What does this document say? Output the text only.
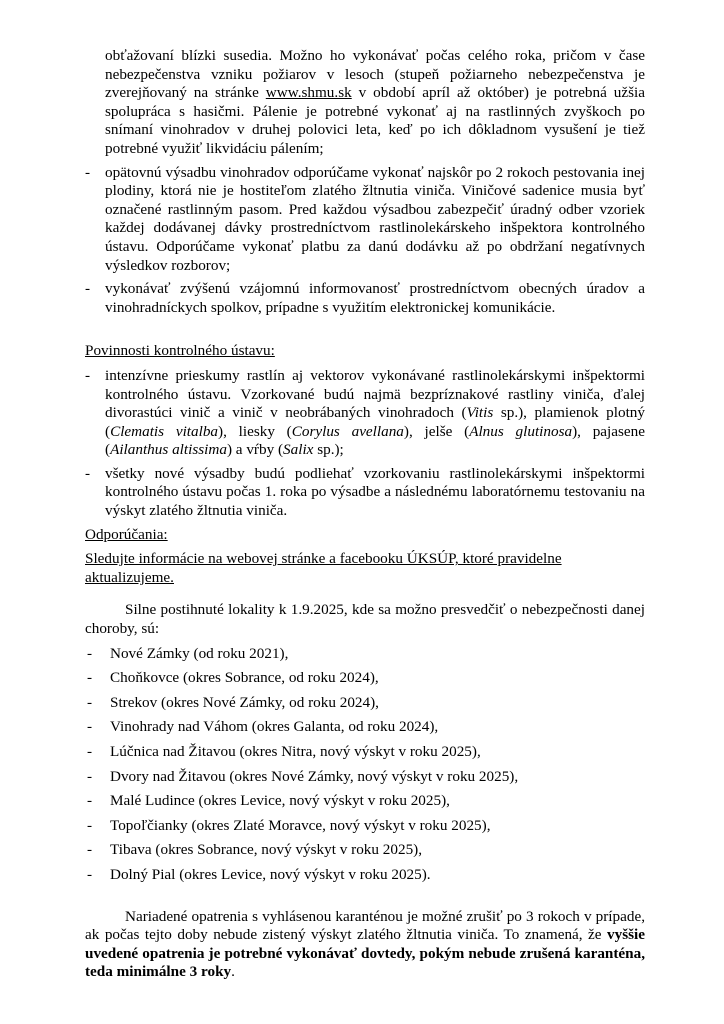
obťažovaní blízki susedia. Možno ho vykonávať počas celého roka, pričom v čase nebezpečenstva vzniku požiarov v lesoch (stupeň požiarneho nebezpečenstva je zverejňovaný na stránke www.shmu.sk v období apríl až október) je potrebná užšia spolupráca s hasičmi. Pálenie je potrebné vykonať aj na rastlinných zvyškoch po snímaní vinohradov v druhej polovici leta, keď po ich dôkladnom vysušení je tiež potrebné využiť likvidáciu pálením;

- opätovnú výsadbu vinohradov odporúčame vykonať najskôr po 2 rokoch pestovania inej plodiny, ktorá nie je hostiteľom zlatého žltnutia viniča. Viničové sadenice musia byť označené rastlinným pasom. Pred každou výsadbou zabezpečiť úradný odber vzoriek každej dodávanej dávky prostredníctvom rastlinolekárskeho inšpektora kontrolného ústavu. Odporúčame vykonať platbu za danú dodávku až po obdržaní negatívnych výsledkov rozborov;

- vykonávať zvýšenú vzájomnú informovanosť prostredníctvom obecných úradov a vinohradníckych spolkov, prípadne s využitím elektronickej komunikácie.

Povinnosti kontrolného ústavu:

- intenzívne prieskumy rastlín aj vektorov vykonávané rastlinolekárskymi inšpektormi kontrolného ústavu. Vzorkované budú najmä bezpríznakové rastliny viniča, ďalej divorastúci vinič a vinič v neobrábaných vinohradoch (Vitis sp.), plamienok plotný (Clematis vitalba), liesky (Corylus avellana), jelše (Alnus glutinosa), pajasene (Ailanthus altissima) a vŕby (Salix sp.);

- všetky nové výsadby budú podliehať vzorkovaniu rastlinolekárskymi inšpektormi kontrolného ústavu počas 1. roka po výsadbe a následnému laboratórnemu testovaniu na výskyt zlatého žltnutia viniča.

Odporúčania:

Sledujte informácie na webovej stránke a facebooku ÚKSÚP, ktoré pravidelne aktualizujeme.

Silne postihnuté lokality k 1.9.2025, kde sa možno presvedčiť o nebezpečnosti danej choroby, sú:

-	Nové Zámky (od roku 2021),

-	Choňkovce (okres Sobrance, od roku 2024),

-	Strekov (okres Nové Zámky, od roku 2024),

-	Vinohrady nad Váhom (okres Galanta, od roku 2024),

-	Lúčnica nad Žitavou (okres Nitra, nový výskyt v roku 2025),

-	Dvory nad Žitavou (okres Nové Zámky, nový výskyt v roku 2025),

-	Malé Ludince (okres Levice, nový výskyt v roku 2025),

-	Topoľčianky (okres Zlaté Moravce, nový výskyt v roku 2025),

-	Tibava (okres Sobrance, nový výskyt v roku 2025),

-	Dolný Pial (okres Levice, nový výskyt v roku 2025).

Nariadené opatrenia s vyhlásenou karanténou je možné zrušiť po 3 rokoch v prípade, ak počas tejto doby nebude zistený výskyt zlatého žltnutia viniča. To znamená, že vyššie uvedené opatrenia je potrebné vykonávať dovtedy, pokým nebude zrušená karanténa, teda minimálne 3 roky.
